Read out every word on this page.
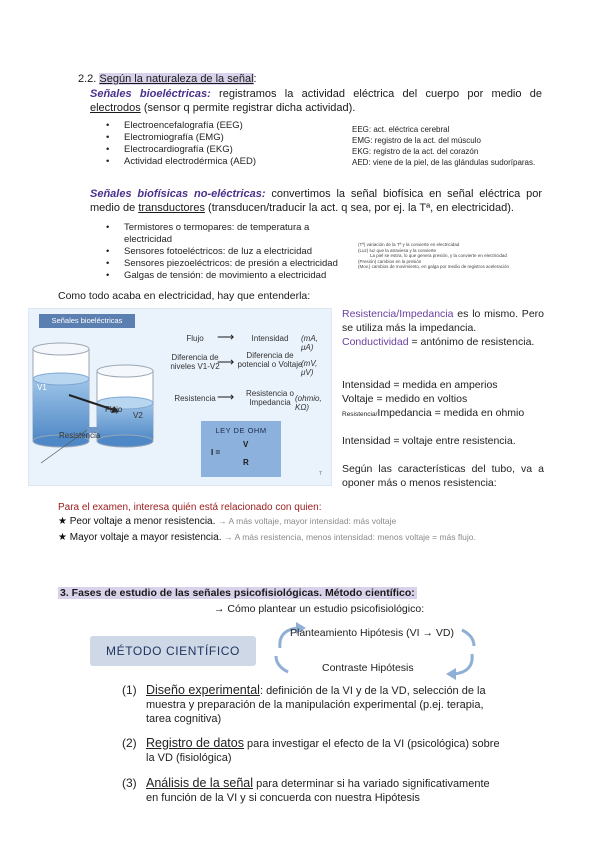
2.2. Según la naturaleza de la señal:
Señales bioeléctricas: registramos la actividad eléctrica del cuerpo por medio de electrodos (sensor q permite registrar dicha actividad).
• Electroencefalografía (EEG)
• Electromiografía (EMG)
• Electrocardiografía (EKG)
• Actividad electrodérmica (AED)
EEG: act. eléctrica cerebral
EMG: registro de la act. del músculo
EKG: registro de la act. del corazón
AED: viene de la piel, de las glándulas sudoríparas.
Señales biofísicas no-eléctricas: convertimos la señal biofísica en señal eléctrica por medio de transductores (transducen/traducir la act. q sea, por ej. la Tª, en electricidad).
• Termistores o termopares: de temperatura a electricidad
• Sensores fotoeléctricos: de luz a electricidad
• Sensores piezoeléctricos: de presión a electricidad
• Galgas de tensión: de movimiento a electricidad
(Tª) variación de la Tª y la convierte en electricidad
(Luz) luz que la atraviesa y la convierte
La piel se estira, lo que genera presión, y la convierte en electricidad
(Presión) cambios en la presión
(Mov.) cambios de movimiento, en galga por medio de registros aceleración
Como todo acaba en electricidad, hay que entenderla:
Señales bioeléctricas
V1
V2
Flujo
Resistencia
Flujo	⟶	Intensidad	(mA, μA)
Diferencia de niveles V1-V2
⟶	Diferencia de potencial o Voltaje
(mV, μV)
Resistencia ⟶	Resistencia o Impedancia (ohmio, KΩ)
LEY DE OHM
I =
V
R
7
Resistencia/Impedancia es lo mismo. Pero se utiliza más la impedancia.
Conductividad = antónimo de resistencia.
Intensidad = medida en amperios
Voltaje = medido en voltios
Resistencia/Impedancia = medida en ohmio
Intensidad = voltaje entre resistencia.
Según las características del tubo, va a oponer más o menos resistencia:
Para el examen, interesa quién está relacionado con quien:
★ Peor voltaje a menor resistencia. → A más voltaje, mayor intensidad: más voltaje
★ Mayor voltaje a mayor resistencia. → A más resistencia, menos intensidad: menos voltaje = más flujo.
3. Fases de estudio de las señales psicofisiológicas. Método científico:
→ Cómo plantear un estudio psicofisiológico:
MÉTODO CIENTÍFICO
Planteamiento Hipótesis (VI → VD)
Contraste Hipótesis
(1) Diseño experimental: definición de la VI y de la VD, selección de la muestra y preparación de la manipulación experimental (p.ej. terapia, tarea cognitiva)
(2) Registro de datos para investigar el efecto de la VI (psicológica) sobre la VD (fisiológica)
(3) Análisis de la señal para determinar si ha variado significativamente en función de la VI y si concuerda con nuestra Hipótesis
